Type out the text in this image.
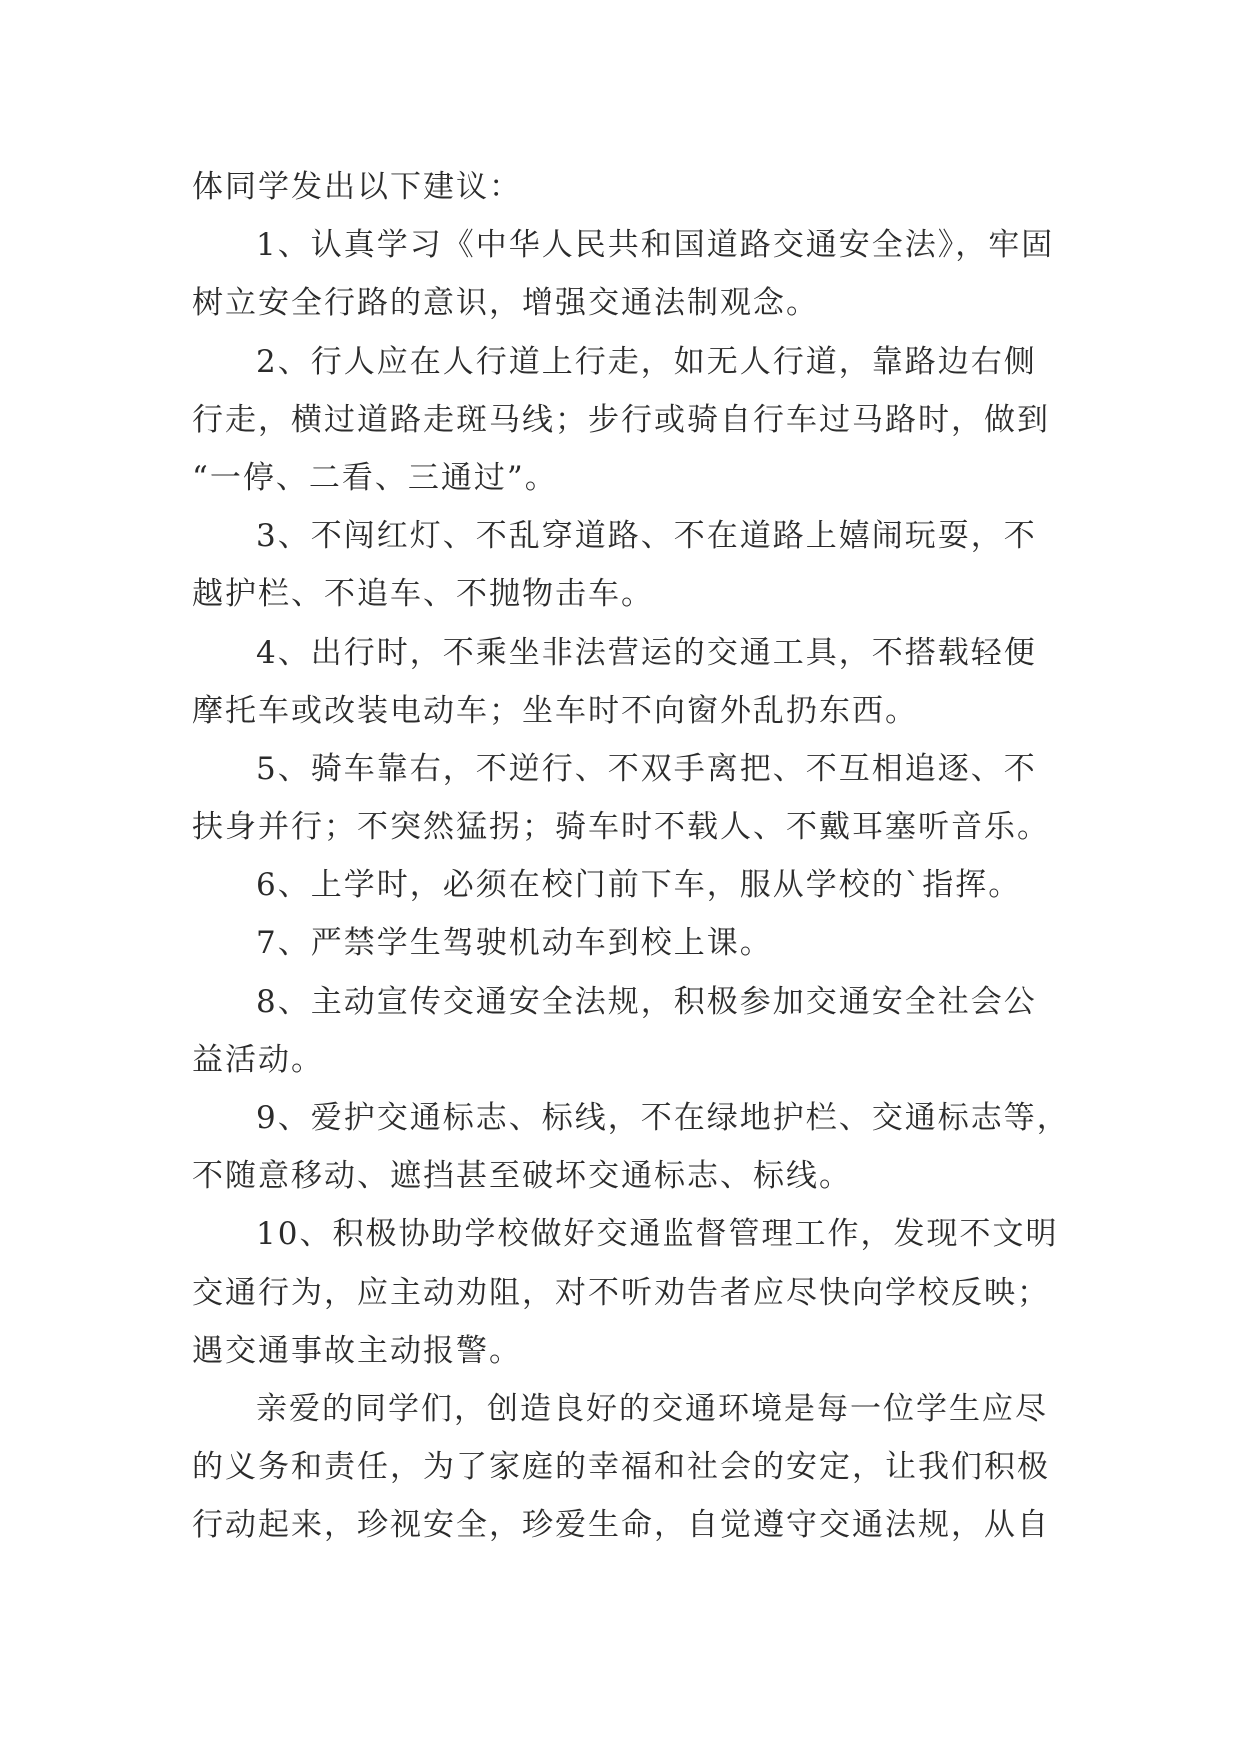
体同学发出以下建议：
1、认真学习《中华人民共和国道路交通安全法》，牢固
树立安全行路的意识，增强交通法制观念。
2、行人应在人行道上行走，如无人行道，靠路边右侧
行走，横过道路走斑马线；步行或骑自行车过马路时，做到
“一停、二看、三通过”。
3、不闯红灯、不乱穿道路、不在道路上嬉闹玩耍，不
越护栏、不追车、不抛物击车。
4、出行时，不乘坐非法营运的交通工具，不搭载轻便
摩托车或改装电动车；坐车时不向窗外乱扔东西。
5、骑车靠右，不逆行、不双手离把、不互相追逐、不
扶身并行；不突然猛拐；骑车时不载人、不戴耳塞听音乐。
6、上学时，必须在校门前下车，服从学校的`指挥。
7、严禁学生驾驶机动车到校上课。
8、主动宣传交通安全法规，积极参加交通安全社会公
益活动。
9、爱护交通标志、标线，不在绿地护栏、交通标志等，
不随意移动、遮挡甚至破坏交通标志、标线。
10、积极协助学校做好交通监督管理工作，发现不文明
交通行为，应主动劝阻，对不听劝告者应尽快向学校反映；
遇交通事故主动报警。
亲爱的同学们，创造良好的交通环境是每一位学生应尽
的义务和责任，为了家庭的幸福和社会的安定，让我们积极
行动起来，珍视安全，珍爱生命，自觉遵守交通法规，从自
